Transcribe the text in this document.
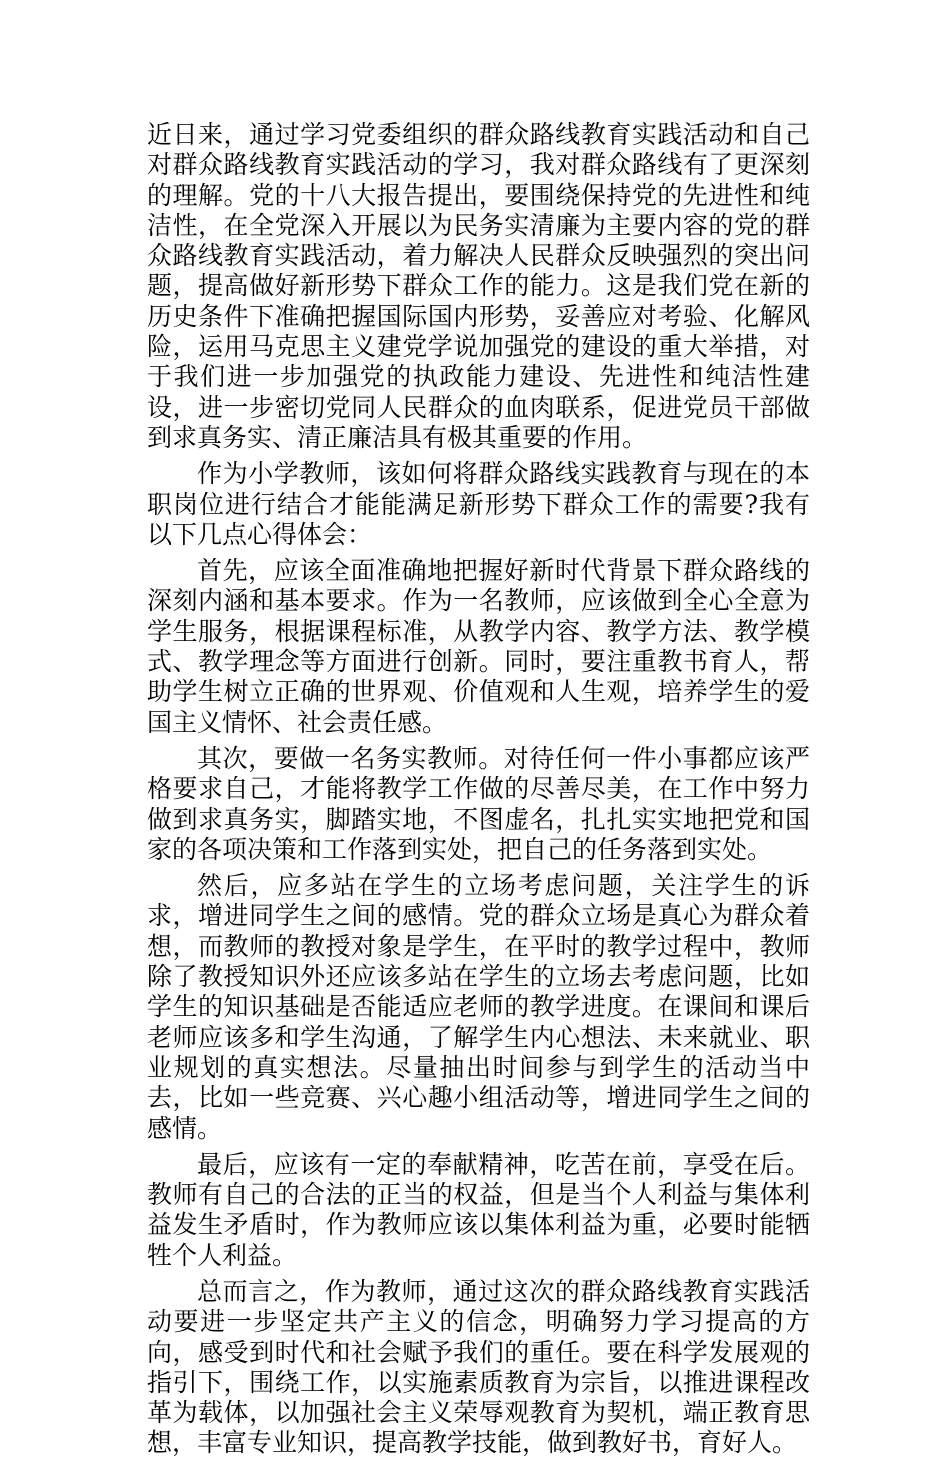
近日来，通过学习党委组织的群众路线教育实践活动和自己对群众路线教育实践活动的学习，我对群众路线有了更深刻的理解。党的十八大报告提出，要围绕保持党的先进性和纯洁性，在全党深入开展以为民务实清廉为主要内容的党的群众路线教育实践活动，着力解决人民群众反映强烈的突出问题，提高做好新形势下群众工作的能力。这是我们党在新的历史条件下准确把握国际国内形势，妥善应对考验、化解风险，运用马克思主义建党学说加强党的建设的重大举措，对于我们进一步加强党的执政能力建设、先进性和纯洁性建设，进一步密切党同人民群众的血肉联系，促进党员干部做到求真务实、清正廉洁具有极其重要的作用。

作为小学教师，该如何将群众路线实践教育与现在的本职岗位进行结合才能能满足新形势下群众工作的需要?我有以下几点心得体会：

首先，应该全面准确地把握好新时代背景下群众路线的深刻内涵和基本要求。作为一名教师，应该做到全心全意为学生服务，根据课程标准，从教学内容、教学方法、教学模式、教学理念等方面进行创新。同时，要注重教书育人，帮助学生树立正确的世界观、价值观和人生观，培养学生的爱国主义情怀、社会责任感。

其次，要做一名务实教师。对待任何一件小事都应该严格要求自己，才能将教学工作做的尽善尽美，在工作中努力做到求真务实，脚踏实地，不图虚名，扎扎实实地把党和国家的各项决策和工作落到实处，把自己的任务落到实处。

然后，应多站在学生的立场考虑问题，关注学生的诉求，增进同学生之间的感情。党的群众立场是真心为群众着想，而教师的教授对象是学生，在平时的教学过程中，教师除了教授知识外还应该多站在学生的立场去考虑问题，比如学生的知识基础是否能适应老师的教学进度。在课间和课后老师应该多和学生沟通，了解学生内心想法、未来就业、职业规划的真实想法。尽量抽出时间参与到学生的活动当中去，比如一些竞赛、兴心趣小组活动等，增进同学生之间的感情。

最后，应该有一定的奉献精神，吃苦在前，享受在后。教师有自己的合法的正当的权益，但是当个人利益与集体利益发生矛盾时，作为教师应该以集体利益为重，必要时能牺牲个人利益。

总而言之，作为教师，通过这次的群众路线教育实践活动要进一步坚定共产主义的信念，明确努力学习提高的方向，感受到时代和社会赋予我们的重任。要在科学发展观的指引下，围绕工作，以实施素质教育为宗旨，以推进课程改革为载体，以加强社会主义荣辱观教育为契机，端正教育思想，丰富专业知识，提高教学技能，做到教好书，育好人。
